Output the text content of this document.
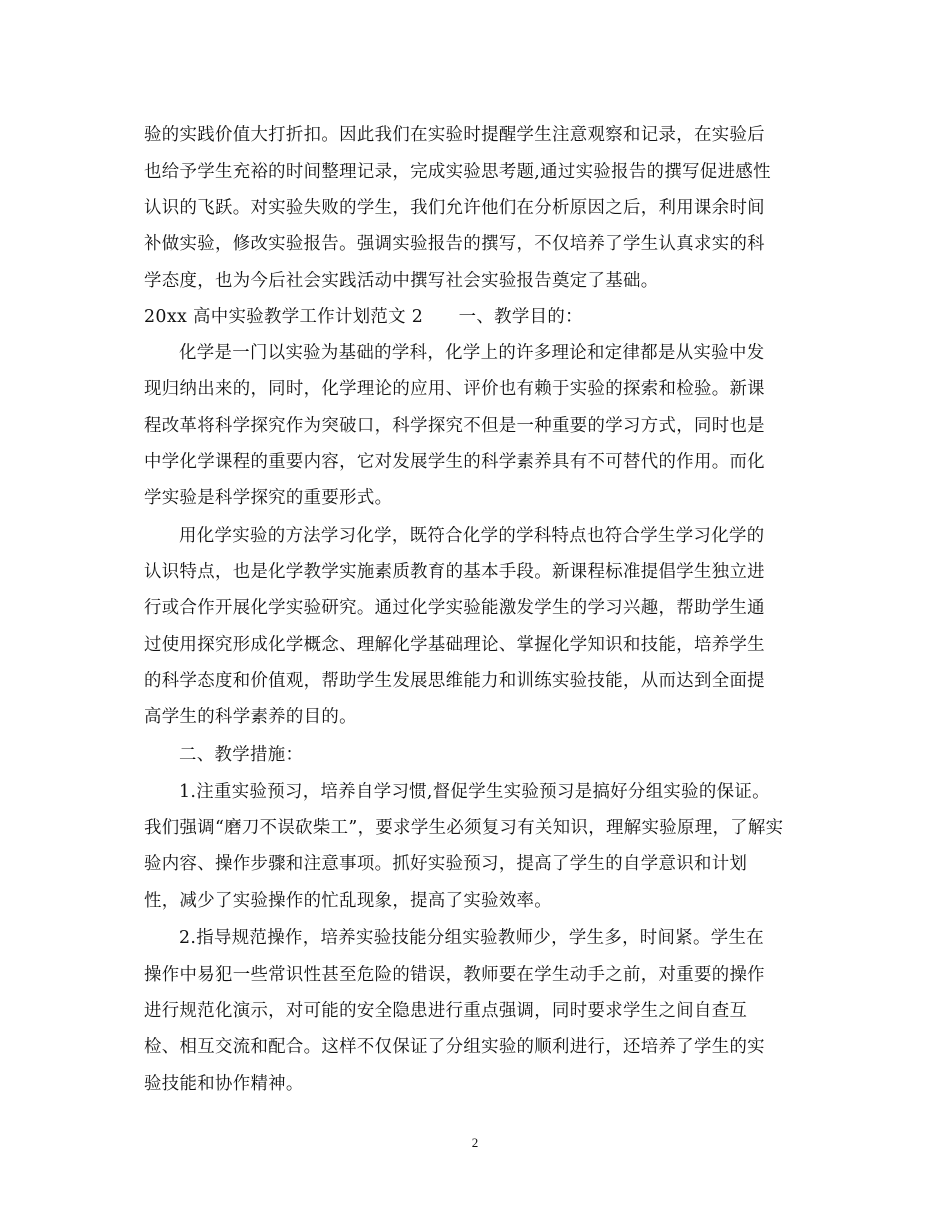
验的实践价值大打折扣。因此我们在实验时提醒学生注意观察和记录，在实验后
也给予学生充裕的时间整理记录，完成实验思考题,通过实验报告的撰写促进感性
认识的飞跃。对实验失败的学生，我们允许他们在分析原因之后，利用课余时间
补做实验，修改实验报告。强调实验报告的撰写，不仅培养了学生认真求实的科
学态度，也为今后社会实践活动中撰写社会实验报告奠定了基础。
20xx 高中实验教学工作计划范文 2　　一、教学目的：
化学是一门以实验为基础的学科，化学上的许多理论和定律都是从实验中发
现归纳出来的，同时，化学理论的应用、评价也有赖于实验的探索和检验。新课
程改革将科学探究作为突破口，科学探究不但是一种重要的学习方式，同时也是
中学化学课程的重要内容，它对发展学生的科学素养具有不可替代的作用。而化
学实验是科学探究的重要形式。
用化学实验的方法学习化学，既符合化学的学科特点也符合学生学习化学的
认识特点，也是化学教学实施素质教育的基本手段。新课程标准提倡学生独立进
行或合作开展化学实验研究。通过化学实验能激发学生的学习兴趣，帮助学生通
过使用探究形成化学概念、理解化学基础理论、掌握化学知识和技能，培养学生
的科学态度和价值观，帮助学生发展思维能力和训练实验技能，从而达到全面提
高学生的科学素养的目的。
二、教学措施：
1.注重实验预习，培养自学习惯,督促学生实验预习是搞好分组实验的保证。
我们强调“磨刀不误砍柴工”，要求学生必须复习有关知识，理解实验原理，了解实
验内容、操作步骤和注意事项。抓好实验预习，提高了学生的自学意识和计划
性，减少了实验操作的忙乱现象，提高了实验效率。
2.指导规范操作，培养实验技能分组实验教师少，学生多，时间紧。学生在
操作中易犯一些常识性甚至危险的错误，教师要在学生动手之前，对重要的操作
进行规范化演示，对可能的安全隐患进行重点强调，同时要求学生之间自查互
检、相互交流和配合。这样不仅保证了分组实验的顺利进行，还培养了学生的实
验技能和协作精神。
2
